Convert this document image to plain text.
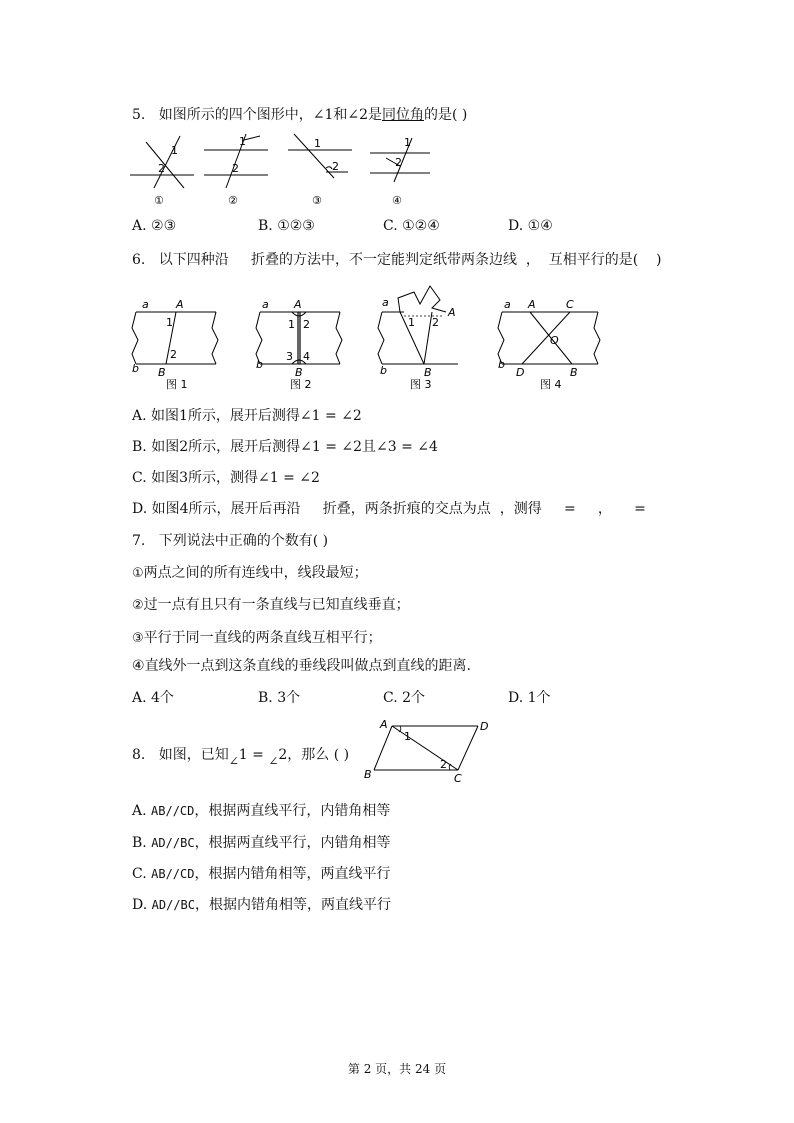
5. 如图所示的四个图形中，∠1和∠2是同位角的是( )
1
2
①
1
2
②
1
2
③
1
2
④
A. ②③	B. ①②③	C. ①②④	D. ①④
6. 以下四种沿     折叠的方法中，不一定能判定纸带两条边线  ，  互相平行的是(    )
a A
1
2
b B
图 1
a A
1 2
3 4
b
B
图 2
a
A
1 2
b	B
图 3
a A	C
O
b
D	B
图 4
A. 如图1所示，展开后测得∠1 = ∠2
B. 如图2所示，展开后测得∠1 = ∠2且∠3 = ∠4
C. 如图3所示，测得∠1 = ∠2
D. 如图4所示，展开后再沿     折叠，两条折痕的交点为点  ，测得     =     ，     =
7. 下列说法中正确的个数有( )
①两点之间的所有连线中，线段最短；
②过一点有且只有一条直线与已知直线垂直；
③平行于同一直线的两条直线互相平行；
④直线外一点到这条直线的垂线段叫做点到直线的距离.
A. 4个	B. 3个	C. 2个	D. 1个
8. 如图，已知∠1 = ∠2，那么 ( )
A	D
1
2
B	C
A. AB//CD，根据两直线平行，内错角相等
B. AD//BC，根据两直线平行，内错角相等
C. AB//CD，根据内错角相等，两直线平行
D. AD//BC，根据内错角相等，两直线平行
第 2 页，共 24 页
